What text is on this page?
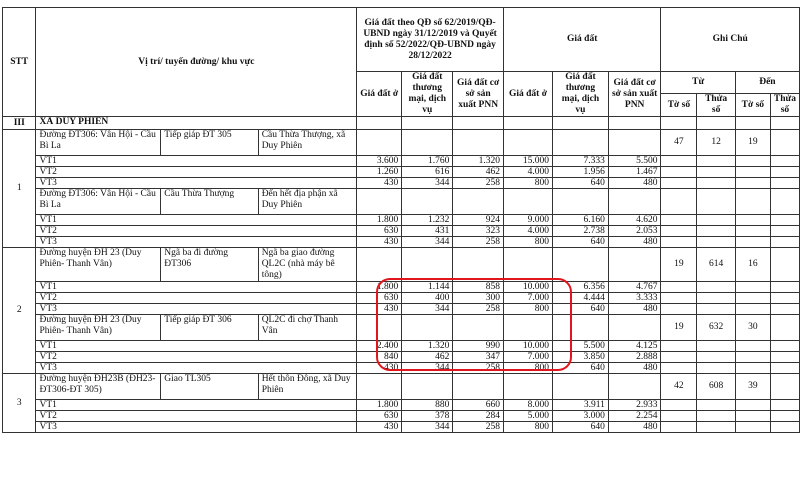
STT	Vị trí/ tuyến đường/ khu vực			Giá đất theo QĐ số 62/2019/QĐ-UBND ngày 31/12/2019 và Quyết định số 52/2022/QĐ-UBND ngày 28/12/2022			Giá đất			Ghi Chú			
				Giá đất ở	Giá đất thương mại, dịch vụ	Giá đất cơ sở sản xuất PNN	Giá đất ở	Giá đất thương mại, dịch vụ	Giá đất cơ sở sản xuất PNN	Từ		Đến	
										Tờ số	Thửa số	Tờ số	Thửa số
III	XÃ DUY PHIÊN												
1	Đường ĐT306: Vân Hội - Cầu Bì La	Tiếp giáp ĐT 305	Cầu Thừa Thượng, xã Duy Phiên							47	12	19	
	VT1			3.600	1.760	1.320	15.000	7.333	5.500				
	VT2			1.260	616	462	4.000	1.956	1.467				
	VT3			430	344	258	800	640	480				
	Đường ĐT306: Vân Hội - Cầu Bì La	Cầu Thừa Thượng	Đến hết địa phận xã Duy Phiên										
	VT1			1.800	1.232	924	9.000	6.160	4.620				
	VT2			630	431	323	4.000	2.738	2.053				
	VT3			430	344	258	800	640	480				
2	Đường huyện ĐH 23 (Duy Phiên- Thanh Vân)	Ngã ba đi đường ĐT306	Ngã ba giao đường QL2C (nhà máy bê tông)							19	614	16	
	VT1			1.800	1.144	858	10.000	6.356	4.767				
	VT2			630	400	300	7.000	4.444	3.333				
	VT3			430	344	258	800	640	480				
	Đường huyện ĐH 23 (Duy Phiên- Thanh Vân)	Tiếp giáp ĐT 306	QL2C đi chợ Thanh Vân							19	632	30	
	VT1			2.400	1.320	990	10.000	5.500	4.125				
	VT2			840	462	347	7.000	3.850	2.888				
	VT3			430	344	258	800	640	480				
3	Đường huyện ĐH23B (ĐH23-ĐT306-ĐT 305)	Giao TL305	Hết thôn Đông, xã Duy Phiên							42	608	39	
	VT1			1.800	880	660	8.000	3.911	2.933				
	VT2			630	378	284	5.000	3.000	2.254				
	VT3			430	344	258	800	640	480				
